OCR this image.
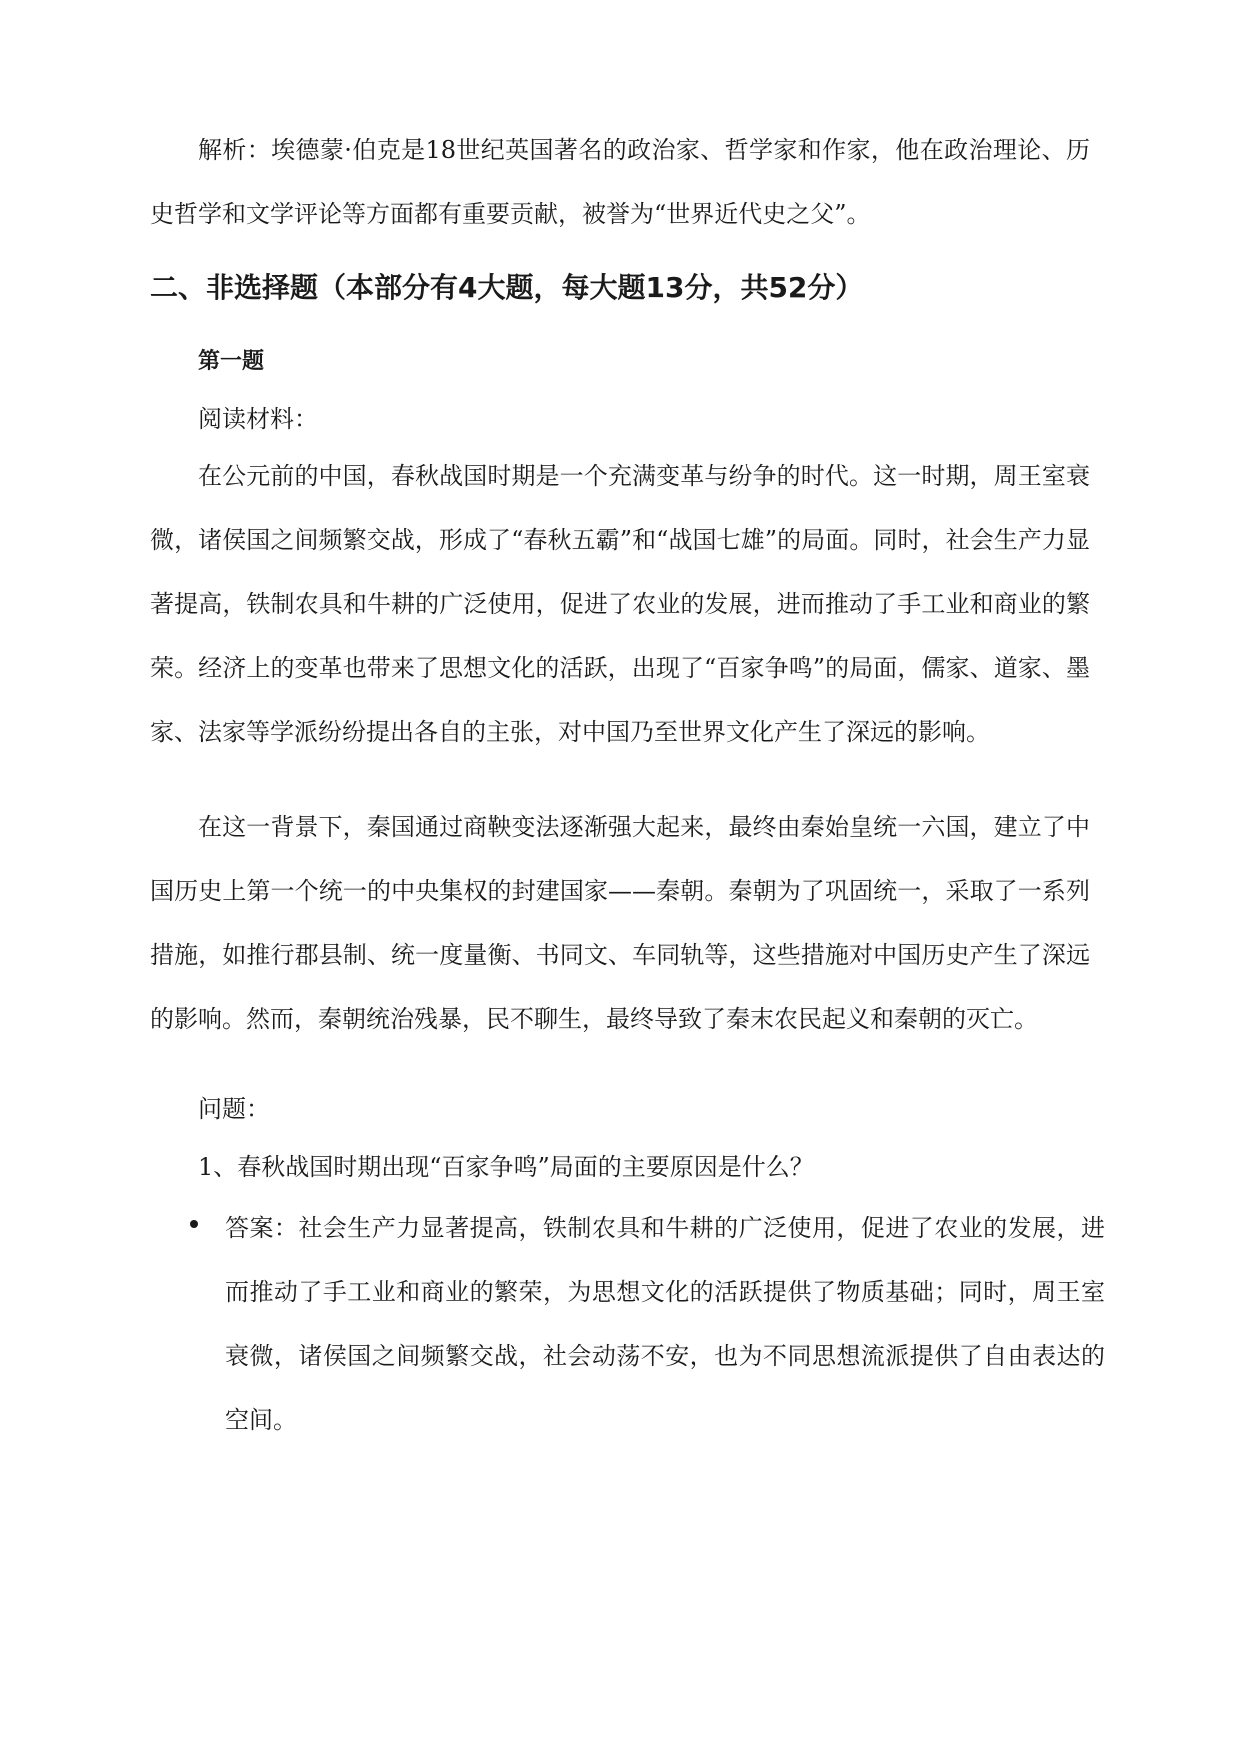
解析：埃德蒙·伯克是18世纪英国著名的政治家、哲学家和作家，他在政治理论、历史哲学和文学评论等方面都有重要贡献，被誉为“世界近代史之父”。

二、非选择题（本部分有4大题，每大题13分，共52分）
第一题

阅读材料：

在公元前的中国，春秋战国时期是一个充满变革与纷争的时代。这一时期，周王室衰微，诸侯国之间频繁交战，形成了“春秋五霸”和“战国七雄”的局面。同时，社会生产力显著提高，铁制农具和牛耕的广泛使用，促进了农业的发展，进而推动了手工业和商业的繁荣。经济上的变革也带来了思想文化的活跃，出现了“百家争鸣”的局面，儒家、道家、墨家、法家等学派纷纷提出各自的主张，对中国乃至世界文化产生了深远的影响。

在这一背景下，秦国通过商鞅变法逐渐强大起来，最终由秦始皇统一六国，建立了中国历史上第一个统一的中央集权的封建国家——秦朝。秦朝为了巩固统一，采取了一系列措施，如推行郡县制、统一度量衡、书同文、车同轨等，这些措施对中国历史产生了深远的影响。然而，秦朝统治残暴，民不聊生，最终导致了秦末农民起义和秦朝的灭亡。

问题：

1、春秋战国时期出现“百家争鸣”局面的主要原因是什么？

答案：社会生产力显著提高，铁制农具和牛耕的广泛使用，促进了农业的发展，进而推动了手工业和商业的繁荣，为思想文化的活跃提供了物质基础；同时，周王室衰微，诸侯国之间频繁交战，社会动荡不安，也为不同思想流派提供了自由表达的空间。
